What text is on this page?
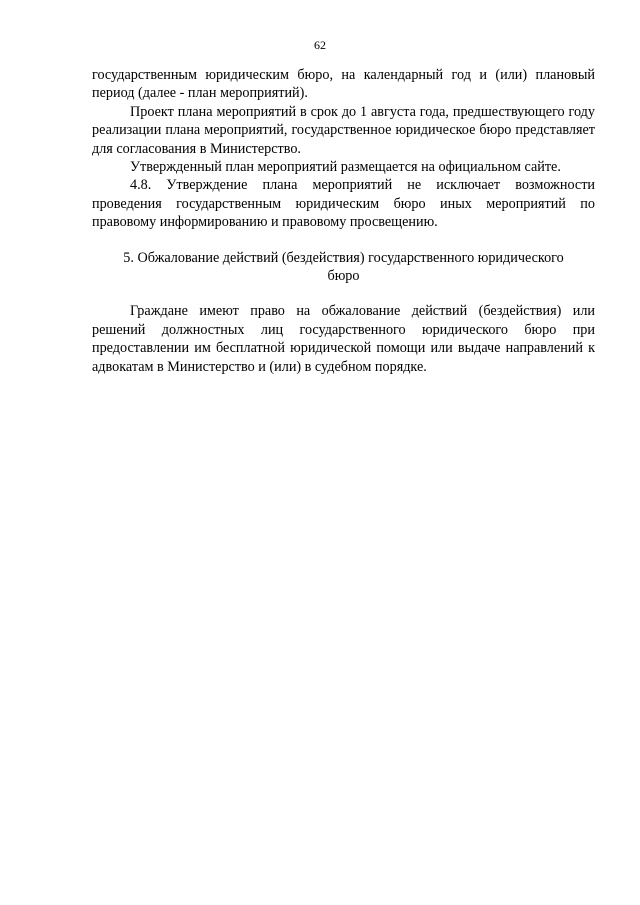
62

государственным юридическим бюро, на календарный год и (или) плановый период (далее - план мероприятий).

Проект плана мероприятий в срок до 1 августа года, предшествующего году реализации плана мероприятий, государственное юридическое бюро представляет для согласования в Министерство.

Утвержденный план мероприятий размещается на официальном сайте.

4.8. Утверждение плана мероприятий не исключает возможности проведения государственным юридическим бюро иных мероприятий по правовому информированию и правовому просвещению.

5. Обжалование действий (бездействия) государственного юридического
бюро

Граждане имеют право на обжалование действий (бездействия) или решений должностных лиц государственного юридического бюро при предоставлении им бесплатной юридической помощи или выдаче направлений к адвокатам в Министерство и (или) в судебном порядке.
